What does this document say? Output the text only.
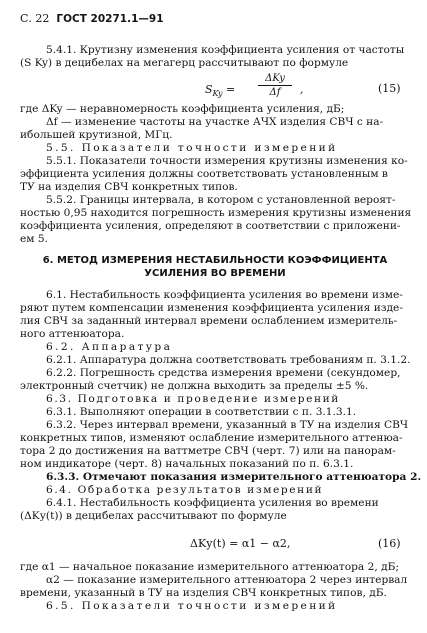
С. 22 ГОСТ 20271.1—91
5.4.1. Крутизну изменения коэффициента усиления от частоты
(S Ky) в децибелах на мегагерц рассчитывают по формуле
$S_{Ky}$ =
ΔKy
Δf	,	(15)
где ΔKy — неравномерность коэффициента усиления, дБ;
Δf — изменение частоты на участке АЧХ изделия СВЧ с на-
ибольшей крутизной, МГц.
5.5. Показатели точности измерений
5.5.1. Показатели точности измерения крутизны изменения ко-
эффициента усиления должны соответствовать установленным в
ТУ на изделия СВЧ конкретных типов.
5.5.2. Границы интервала, в котором с установленной вероят-
ностью 0,95 находится погрешность измерения крутизны изменения
коэффициента усиления, определяют в соответствии с приложени-
ем 5.
6. МЕТОД ИЗМЕРЕНИЯ НЕСТАБИЛЬНОСТИ КОЭФФИЦИЕНТА
УСИЛЕНИЯ ВО ВРЕМЕНИ
6.1. Нестабильность коэффициента усиления во времени изме-
ряют путем компенсации изменения коэффициента усиления изде-
лия СВЧ за заданный интервал времени ослаблением измеритель-
ного аттенюатора.
6.2. Аппаратура
6.2.1. Аппаратура должна соответствовать требованиям п. 3.1.2.
6.2.2. Погрешность средства измерения времени (секундомер,
электронный счетчик) не должна выходить за пределы ±5 %.
6.3. Подготовка и проведение измерений
6.3.1. Выполняют операции в соответствии с п. 3.1.3.1.
6.3.2. Через интервал времени, указанный в ТУ на изделия СВЧ
конкретных типов, изменяют ослабление измерительного аттенюа-
тора 2 до достижения на ваттметре СВЧ (черт. 7) или на панорам-
ном индикаторе (черт. 8) начальных показаний по п. 6.3.1.
6.3.3. Отмечают показания измерительного аттенюатора 2.
6.4. Обработка результатов измерений
6.4.1. Нестабильность коэффициента усиления во времени
(ΔKу(t)) в децибелах рассчитывают по формуле
ΔKу(t) = α1 − α2,	(16)
где α1 — начальное показание измерительного аттенюатора 2, дБ;
α2 — показание измерительного аттенюатора 2 через интервал
времени, указанный в ТУ на изделия СВЧ конкретных типов, дБ.
6.5. Показатели точности измерений
